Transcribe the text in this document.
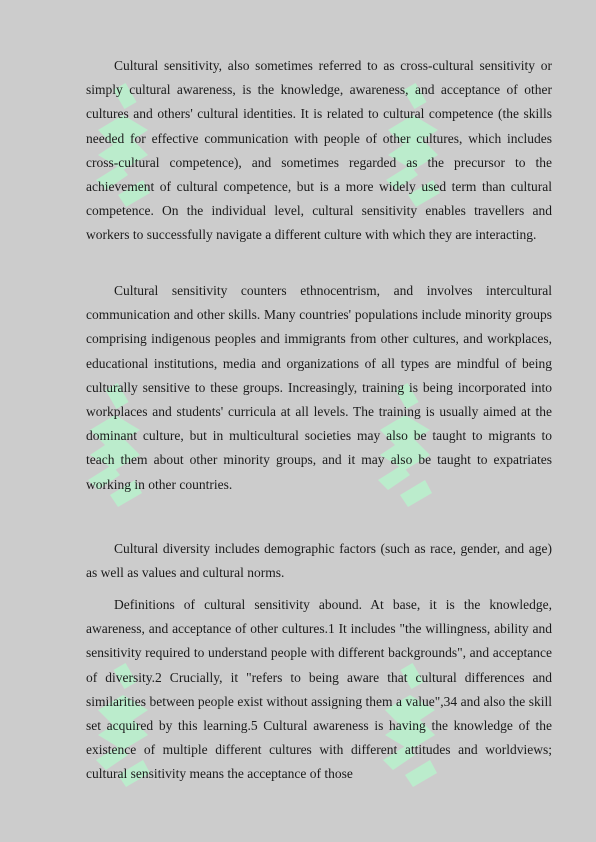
Cultural sensitivity, also sometimes referred to as cross-cultural sensitivity or simply cultural awareness, is the knowledge, awareness, and acceptance of other cultures and others' cultural identities. It is related to cultural competence (the skills needed for effective communication with people of other cultures, which includes cross-cultural competence), and sometimes regarded as the precursor to the achievement of cultural competence, but is a more widely used term than cultural competence. On the individual level, cultural sensitivity enables travellers and workers to successfully navigate a different culture with which they are interacting.

Cultural sensitivity counters ethnocentrism, and involves intercultural communication and other skills. Many countries' populations include minority groups comprising indigenous peoples and immigrants from other cultures, and workplaces, educational institutions, media and organizations of all types are mindful of being culturally sensitive to these groups. Increasingly, training is being incorporated into workplaces and students' curricula at all levels. The training is usually aimed at the dominant culture, but in multicultural societies may also be taught to migrants to teach them about other minority groups, and it may also be taught to expatriates working in other countries.

Cultural diversity includes demographic factors (such as race, gender, and age) as well as values and cultural norms.

Definitions of cultural sensitivity abound. At base, it is the knowledge, awareness, and acceptance of other cultures.1 It includes "the willingness, ability and sensitivity required to understand people with different backgrounds", and acceptance of diversity.2 Crucially, it "refers to being aware that cultural differences and similarities between people exist without assigning them a value",34 and also the skill set acquired by this learning.5 Cultural awareness is having the knowledge of the existence of multiple different cultures with different attitudes and worldviews; cultural sensitivity means the acceptance of those
